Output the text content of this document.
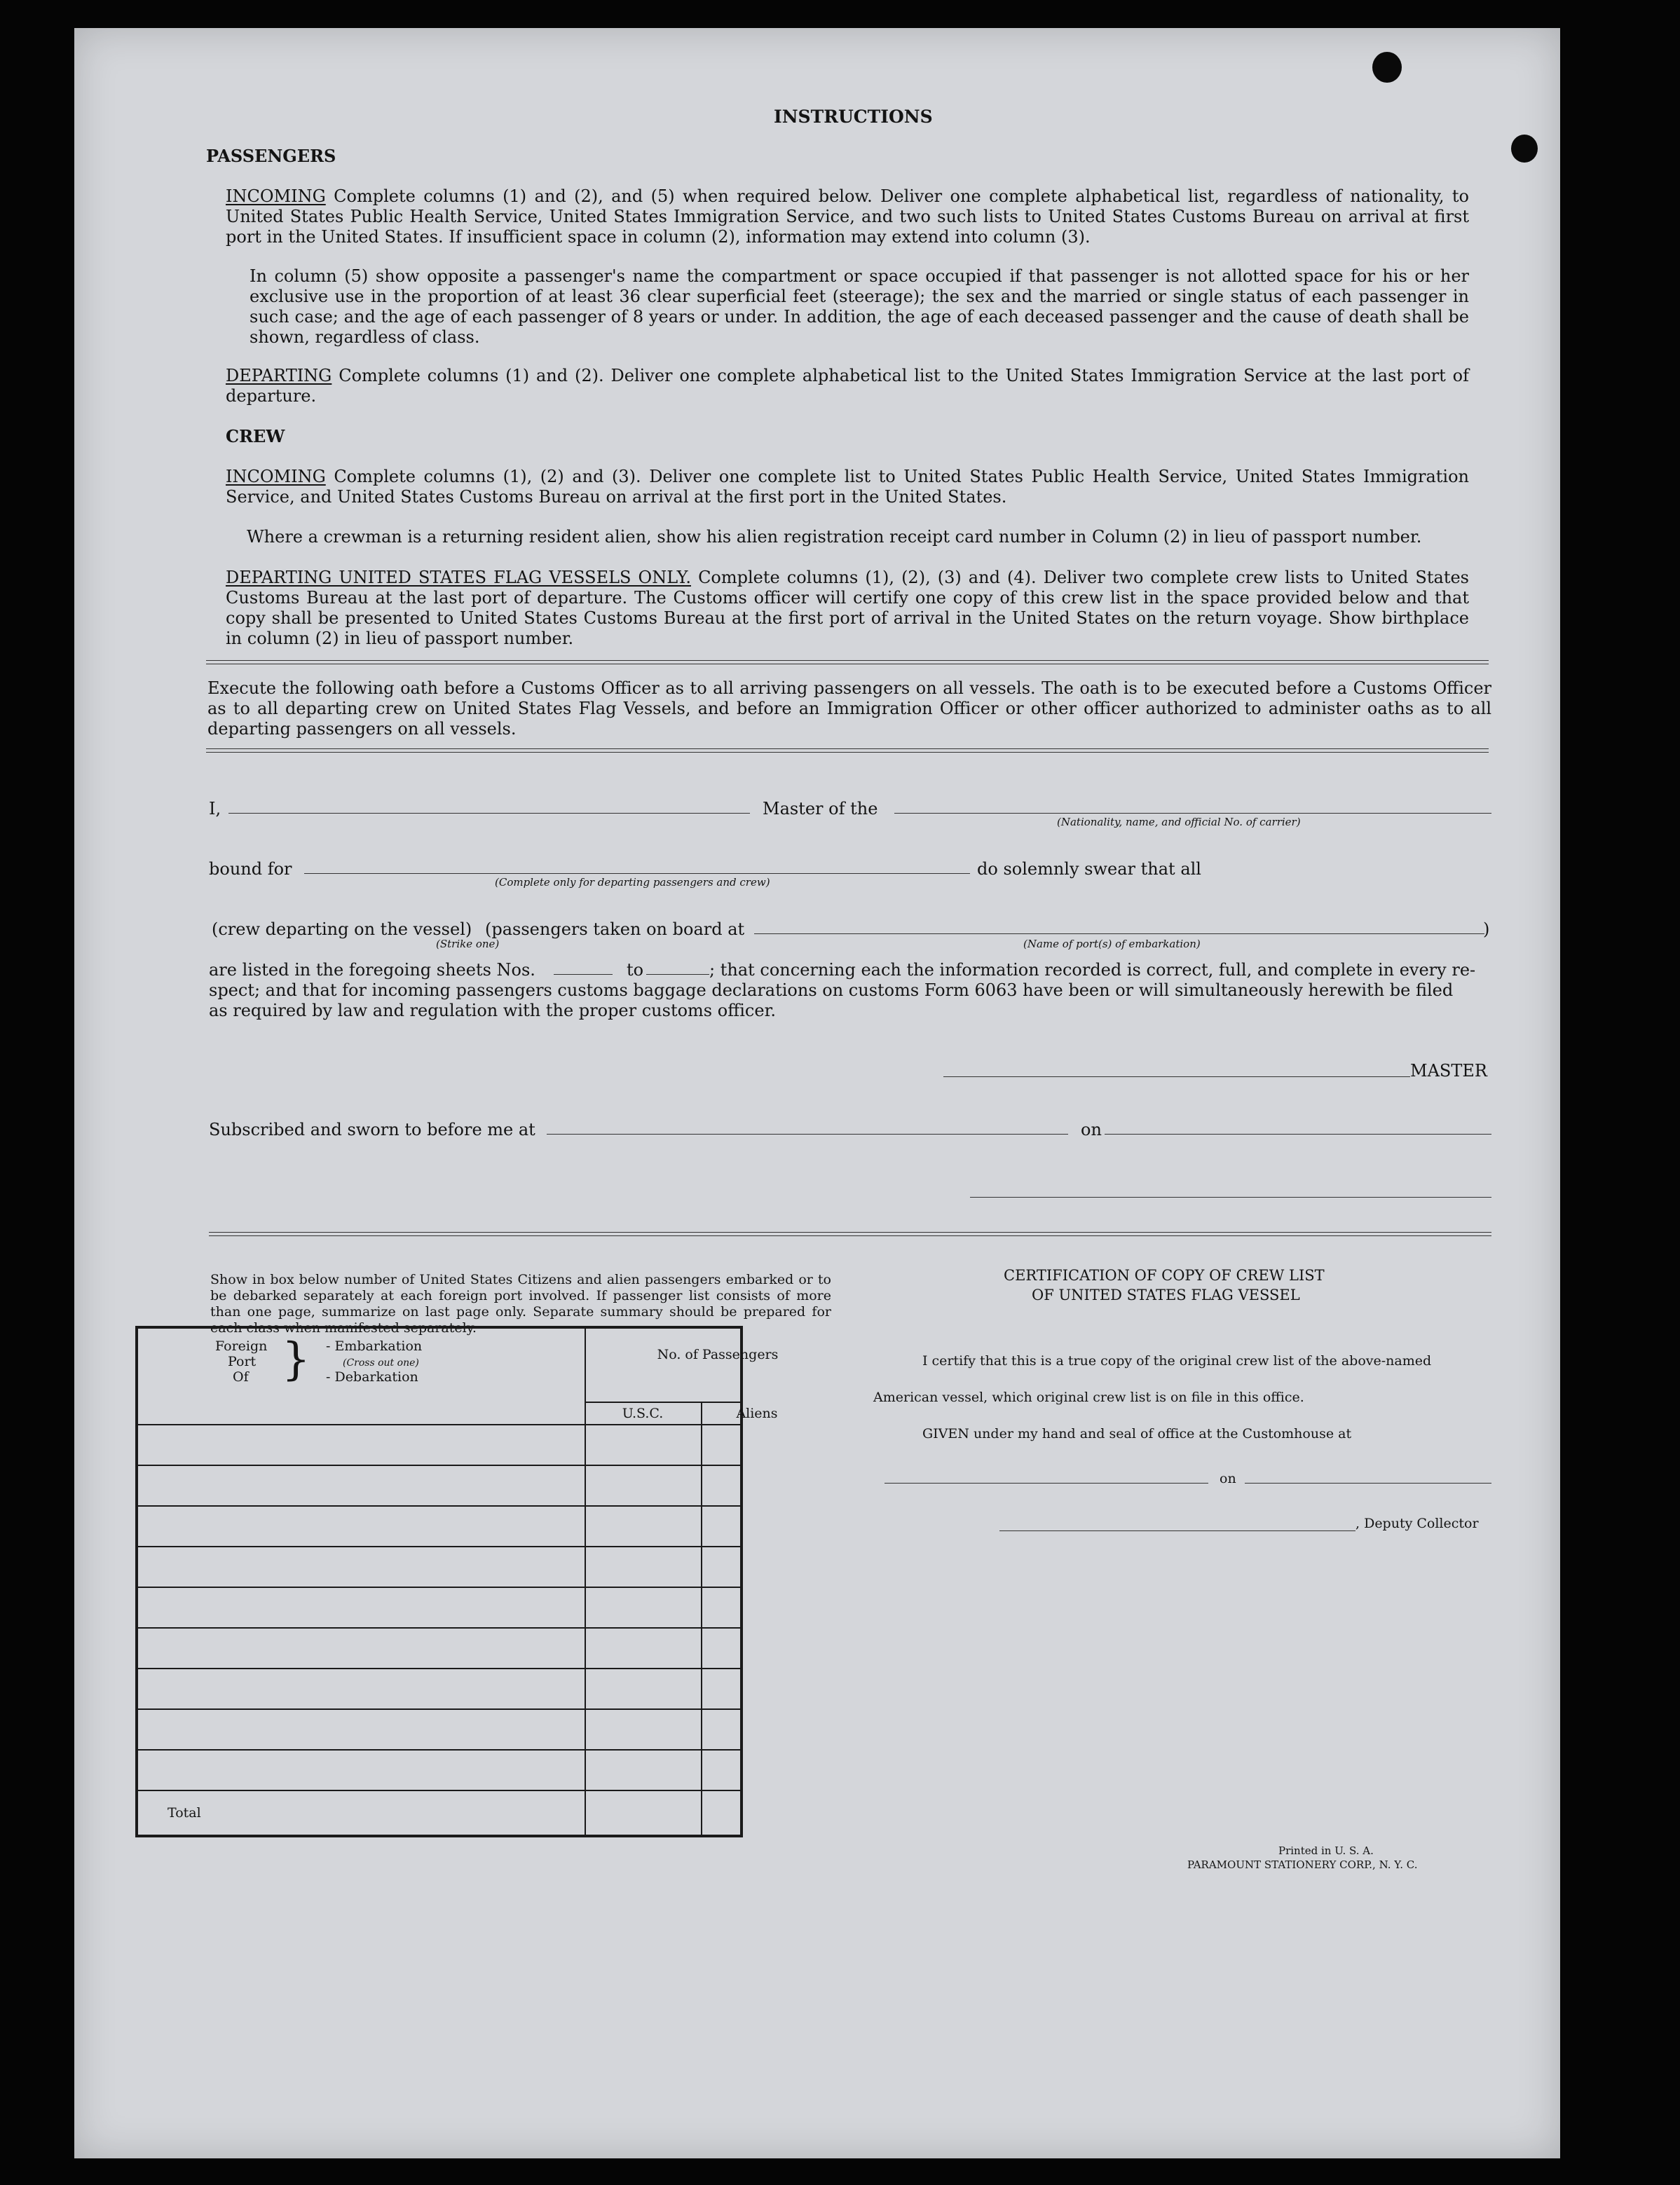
INSTRUCTIONS
PASSENGERS
INCOMING Complete columns (1) and (2), and (5) when required below. Deliver one complete alphabetical list, regardless of nationality, to United States Public Health Service, United States Immigration Service, and two such lists to United States Customs Bureau on arrival at first port in the United States. If insufficient space in column (2), information may extend into column (3).
In column (5) show opposite a passenger's name the compartment or space occupied if that passenger is not allotted space for his or her exclusive use in the proportion of at least 36 clear superficial feet (steerage); the sex and the married or single status of each passenger in such case; and the age of each passenger of 8 years or under. In addition, the age of each deceased passenger and the cause of death shall be shown, regardless of class.
DEPARTING Complete columns (1) and (2). Deliver one complete alphabetical list to the United States Immigration Service at the last port of departure.
CREW
INCOMING Complete columns (1), (2) and (3). Deliver one complete list to United States Public Health Service, United States Immigration Service, and United States Customs Bureau on arrival at the first port in the United States.
Where a crewman is a returning resident alien, show his alien registration receipt card number in Column (2) in lieu of passport number.
DEPARTING UNITED STATES FLAG VESSELS ONLY. Complete columns (1), (2), (3) and (4). Deliver two complete crew lists to United States Customs Bureau at the last port of departure. The Customs officer will certify one copy of this crew list in the space provided below and that copy shall be presented to United States Customs Bureau at the first port of arrival in the United States on the return voyage. Show birthplace in column (2) in lieu of passport number.
Execute the following oath before a Customs Officer as to all arriving passengers on all vessels. The oath is to be executed before a Customs Officer as to all departing crew on United States Flag Vessels, and before an Immigration Officer or other officer authorized to administer oaths as to all departing passengers on all vessels.
I,	Master of the
(Nationality, name, and official No. of carrier)
bound for
(Complete only for departing passengers and crew)
do solemnly swear that all
(crew departing on the vessel)
(Strike one)
(passengers taken on board at	)
(Name of port(s) of embarkation)
are listed in the foregoing sheets Nos.	to	; that concerning each the information recorded is correct, full, and complete in every re-
spect; and that for incoming passengers customs baggage declarations on customs Form 6063 have been or will simultaneously herewith be filed
as required by law and regulation with the proper customs officer.
MASTER
Subscribed and sworn to before me at	on
Show in box below number of United States Citizens and alien passengers embarked or to be debarked separately at each foreign port involved. If passenger list consists of more than one page, summarize on last page only. Separate summary should be prepared for each class when manifested separately.
Foreign
Port
Of } - Embarkation
(Cross out one)
- Debarkation
No. of Passengers
U.S.C.	Aliens
Total
CERTIFICATION OF COPY OF CREW LIST
OF UNITED STATES FLAG VESSEL
I certify that this is a true copy of the original crew list of the above-named
American vessel, which original crew list is on file in this office.
GIVEN under my hand and seal of office at the Customhouse at
on
, Deputy Collector
Printed in U. S. A.
PARAMOUNT STATIONERY CORP., N. Y. C.
